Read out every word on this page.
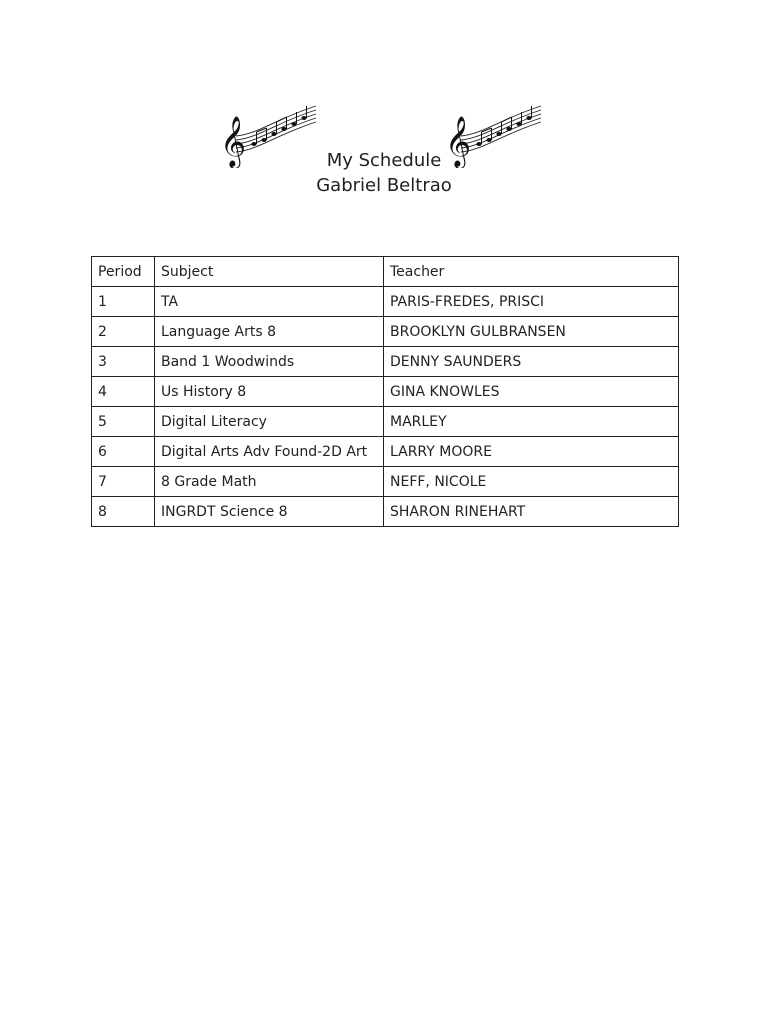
𝄞	𝄞
My Schedule
Gabriel Beltrao
Period	Subject	Teacher
1	TA	PARIS-FREDES, PRISCI
2	Language Arts 8	BROOKLYN GULBRANSEN
3	Band 1 Woodwinds	DENNY SAUNDERS
4	Us History 8	GINA KNOWLES
5	Digital Literacy	MARLEY
6	Digital Arts Adv Found-2D Art	LARRY MOORE
7	8 Grade Math	NEFF, NICOLE
8	INGRDT Science 8	SHARON RINEHART
